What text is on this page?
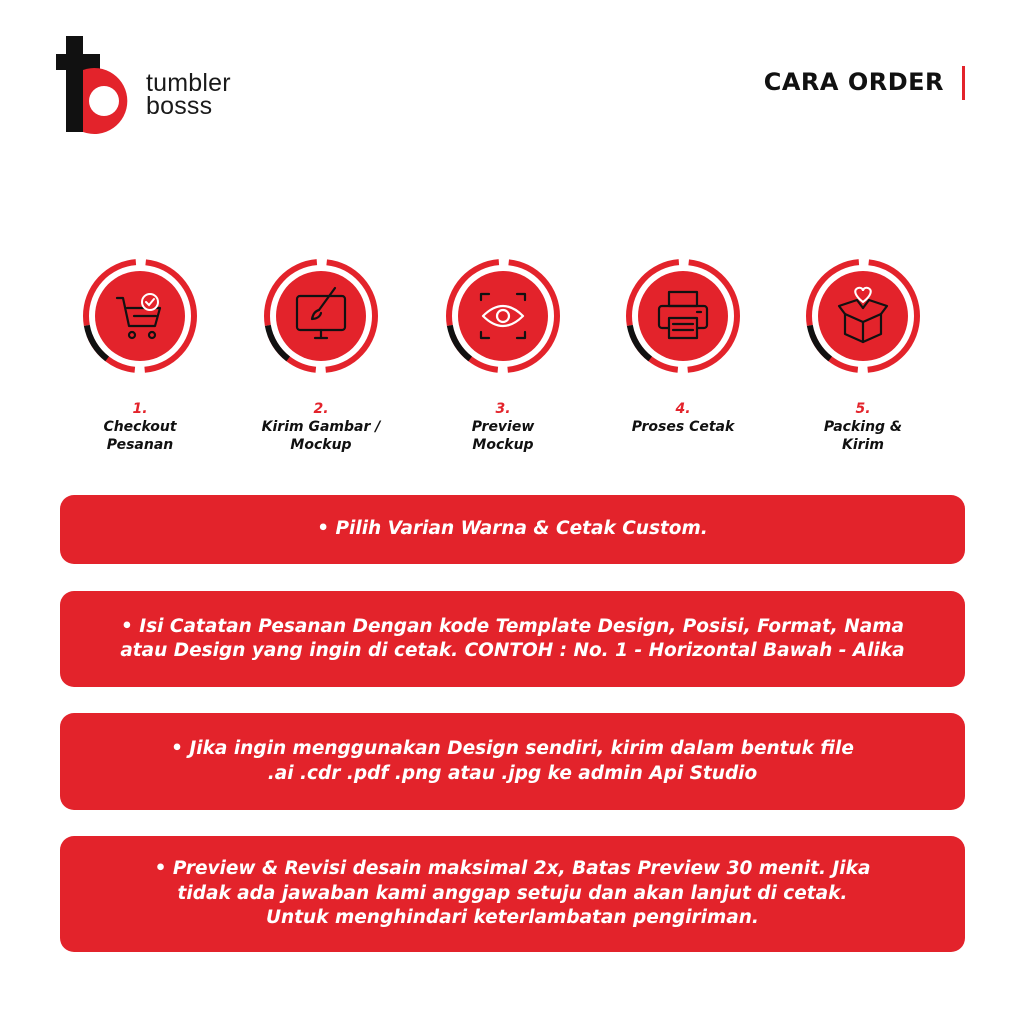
tumbler
bosss
CARA ORDER
1.
Checkout
Pesanan
2.
Kirim Gambar /
Mockup
3.
Preview
Mockup
4.
Proses Cetak
5.
Packing &
Kirim
• Pilih Varian Warna & Cetak Custom.
• Isi Catatan Pesanan Dengan kode Template Design, Posisi, Format, Nama
atau Design yang ingin di cetak. CONTOH : No. 1 - Horizontal Bawah - Alika
• Jika ingin menggunakan Design sendiri, kirim dalam bentuk file
.ai .cdr .pdf .png atau .jpg ke admin Api Studio
• Preview & Revisi desain maksimal 2x, Batas Preview 30 menit. Jika
tidak ada jawaban kami anggap setuju dan akan lanjut di cetak.
Untuk menghindari keterlambatan pengiriman.
